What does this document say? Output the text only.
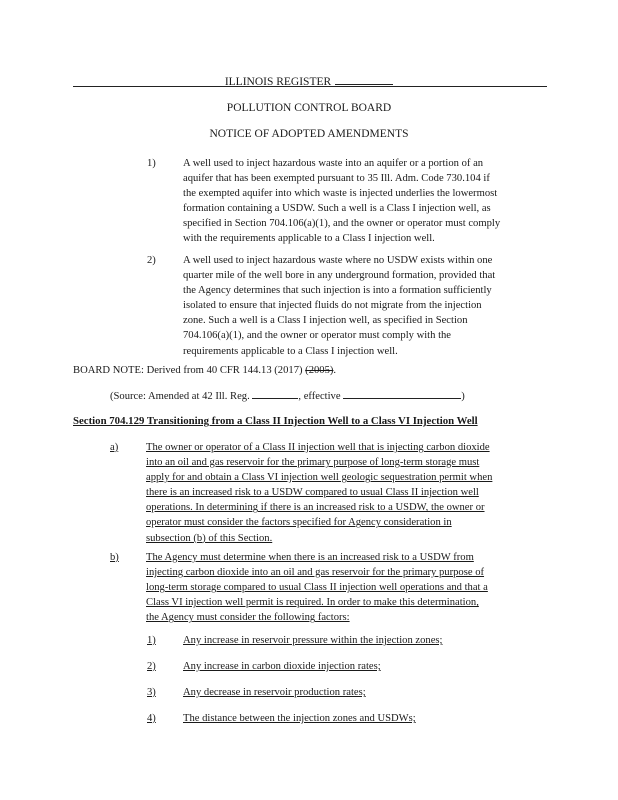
ILLINOIS REGISTER
POLLUTION CONTROL BOARD
NOTICE OF ADOPTED AMENDMENTS
1)	A well used to inject hazardous waste into an aquifer or a portion of an
aquifer that has been exempted pursuant to 35 Ill. Adm. Code 730.104 if
the exempted aquifer into which waste is injected underlies the lowermost
formation containing a USDW. Such a well is a Class I injection well, as
specified in Section 704.106(a)(1), and the owner or operator must comply
with the requirements applicable to a Class I injection well.
2)	A well used to inject hazardous waste where no USDW exists within one
quarter mile of the well bore in any underground formation, provided that
the Agency determines that such injection is into a formation sufficiently
isolated to ensure that injected fluids do not migrate from the injection
zone. Such a well is a Class I injection well, as specified in Section
704.106(a)(1), and the owner or operator must comply with the
requirements applicable to a Class I injection well.
BOARD NOTE: Derived from 40 CFR 144.13 (2017) (2005).
(Source: Amended at 42 Ill. Reg.	, effective	)
Section 704.129 Transitioning from a Class II Injection Well to a Class VI Injection Well
a)	The owner or operator of a Class II injection well that is injecting carbon dioxide
into an oil and gas reservoir for the primary purpose of long-term storage must
apply for and obtain a Class VI injection well geologic sequestration permit when
there is an increased risk to a USDW compared to usual Class II injection well
operations. In determining if there is an increased risk to a USDW, the owner or
operator must consider the factors specified for Agency consideration in
subsection (b) of this Section.
b)	The Agency must determine when there is an increased risk to a USDW from
injecting carbon dioxide into an oil and gas reservoir for the primary purpose of
long-term storage compared to usual Class II injection well operations and that a
Class VI injection well permit is required. In order to make this determination,
the Agency must consider the following factors:
1)	Any increase in reservoir pressure within the injection zones;
2)	Any increase in carbon dioxide injection rates;
3)	Any decrease in reservoir production rates;
4)	The distance between the injection zones and USDWs;
